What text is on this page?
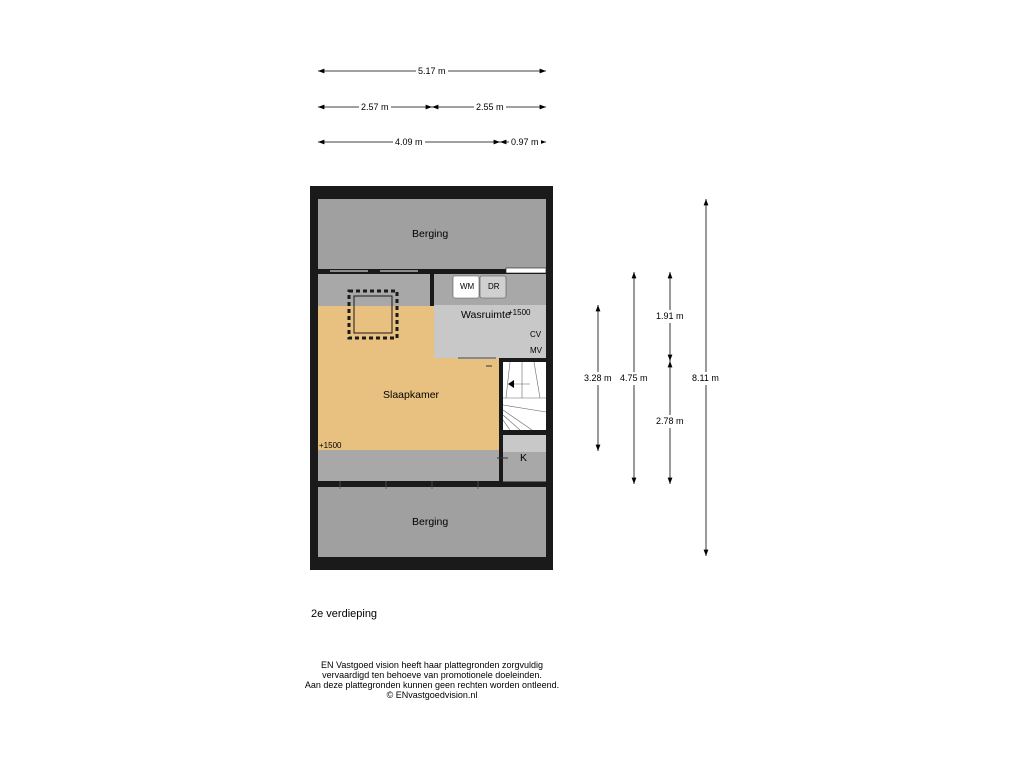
5.17 m
2.57 m	2.55 m
4.09 m	0.97 m
3.28 m 4.75 m
1.91 m
2.78 m
8.11 m
Berging
Wasruimte
Slaapkamer
K
Berging
WM DR
+1500
CV
MV
+1500
2e verdieping
EN Vastgoed vision heeft haar plattegronden zorgvuldig
vervaardigd ten behoeve van promotionele doeleinden.
Aan deze plattegronden kunnen geen rechten worden ontleend.
© ENvastgoedvision.nl
